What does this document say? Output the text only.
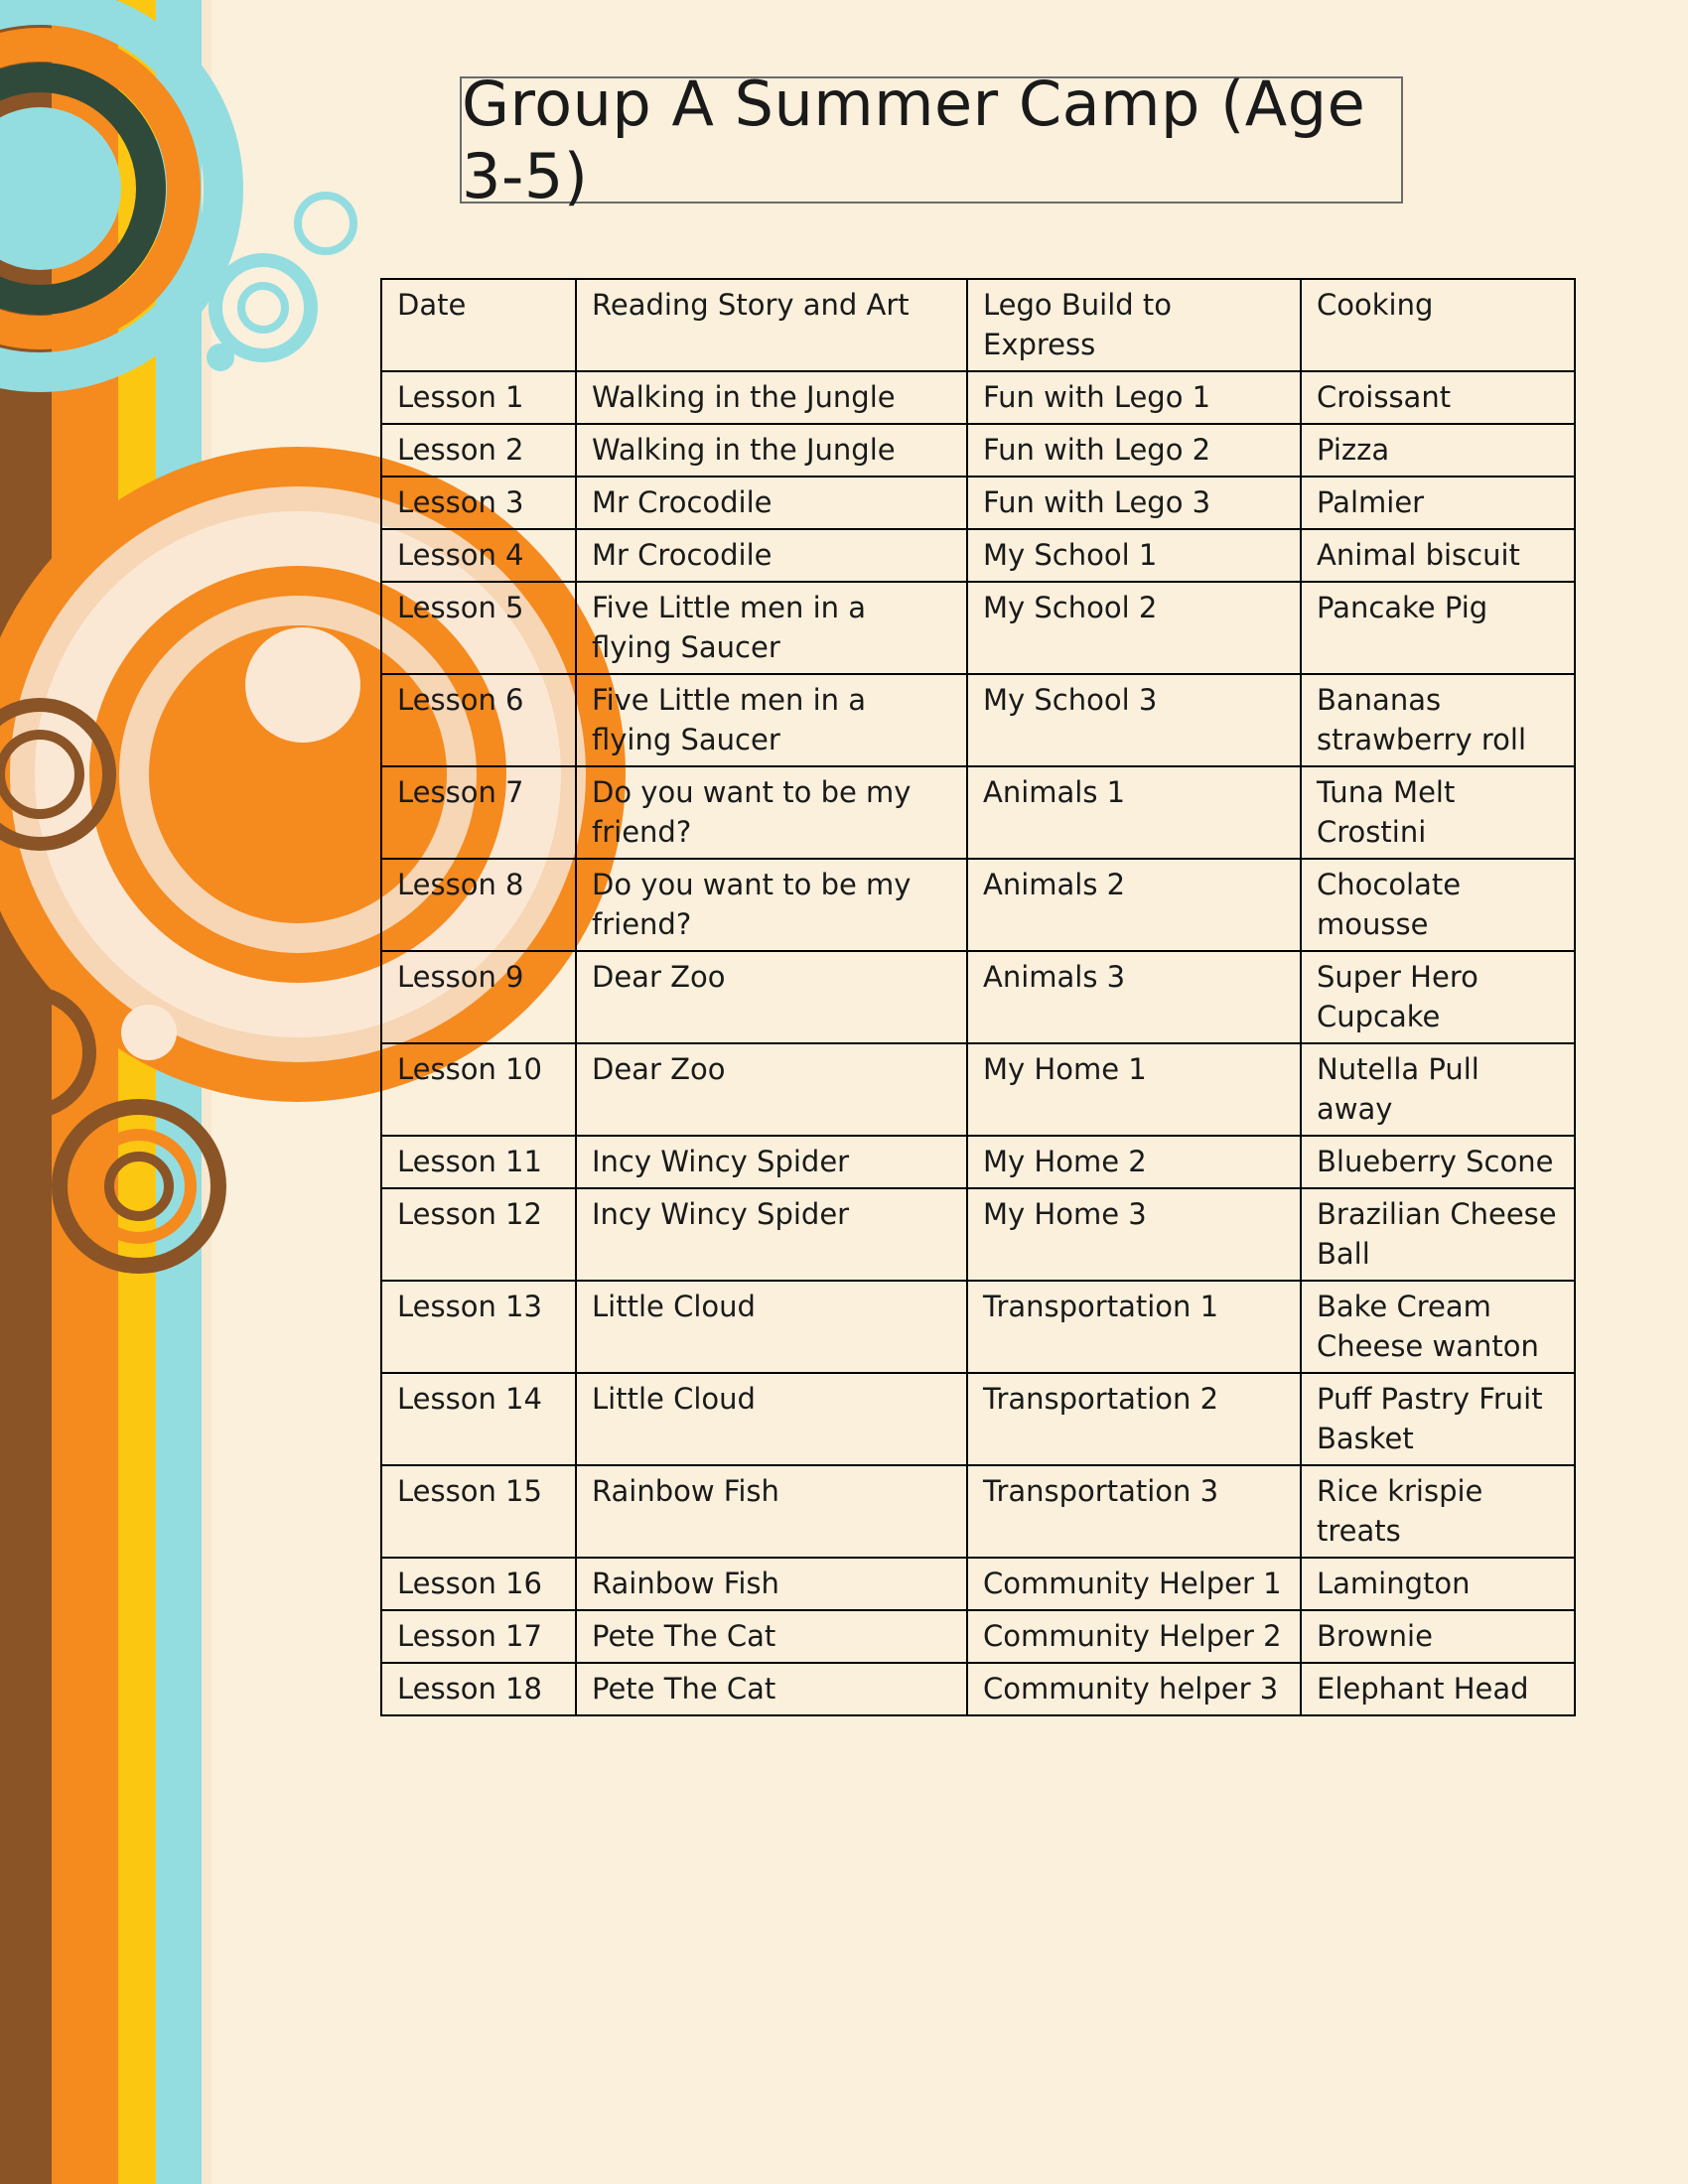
Group A Summer Camp (Age 3-5)
Date	Reading Story and Art	Lego Build to Express	Cooking
Lesson 1	Walking in the Jungle	Fun with Lego 1	Croissant
Lesson 2	Walking in the Jungle	Fun with Lego 2	Pizza
Lesson 3	Mr Crocodile	Fun with Lego 3	Palmier
Lesson 4	Mr Crocodile	My School 1	Animal biscuit
Lesson 5	Five Little men in a flying Saucer	My School 2	Pancake Pig
Lesson 6	Five Little men in a flying Saucer	My School 3	Bananas strawberry roll
Lesson 7	Do you want to be my friend?	Animals 1	Tuna Melt Crostini
Lesson 8	Do you want to be my friend?	Animals 2	Chocolate mousse
Lesson 9	Dear Zoo	Animals 3	Super Hero Cupcake
Lesson 10	Dear Zoo	My Home 1	Nutella Pull away
Lesson 11	Incy Wincy Spider	My Home 2	Blueberry Scone
Lesson 12	Incy Wincy Spider	My Home 3	Brazilian Cheese Ball
Lesson 13	Little Cloud	Transportation 1	Bake Cream Cheese wanton
Lesson 14	Little Cloud	Transportation 2	Puff Pastry Fruit Basket
Lesson 15	Rainbow Fish	Transportation 3	Rice krispie treats
Lesson 16	Rainbow Fish	Community Helper 1	Lamington
Lesson 17	Pete The Cat	Community Helper 2	Brownie
Lesson 18	Pete The Cat	Community helper 3	Elephant Head
